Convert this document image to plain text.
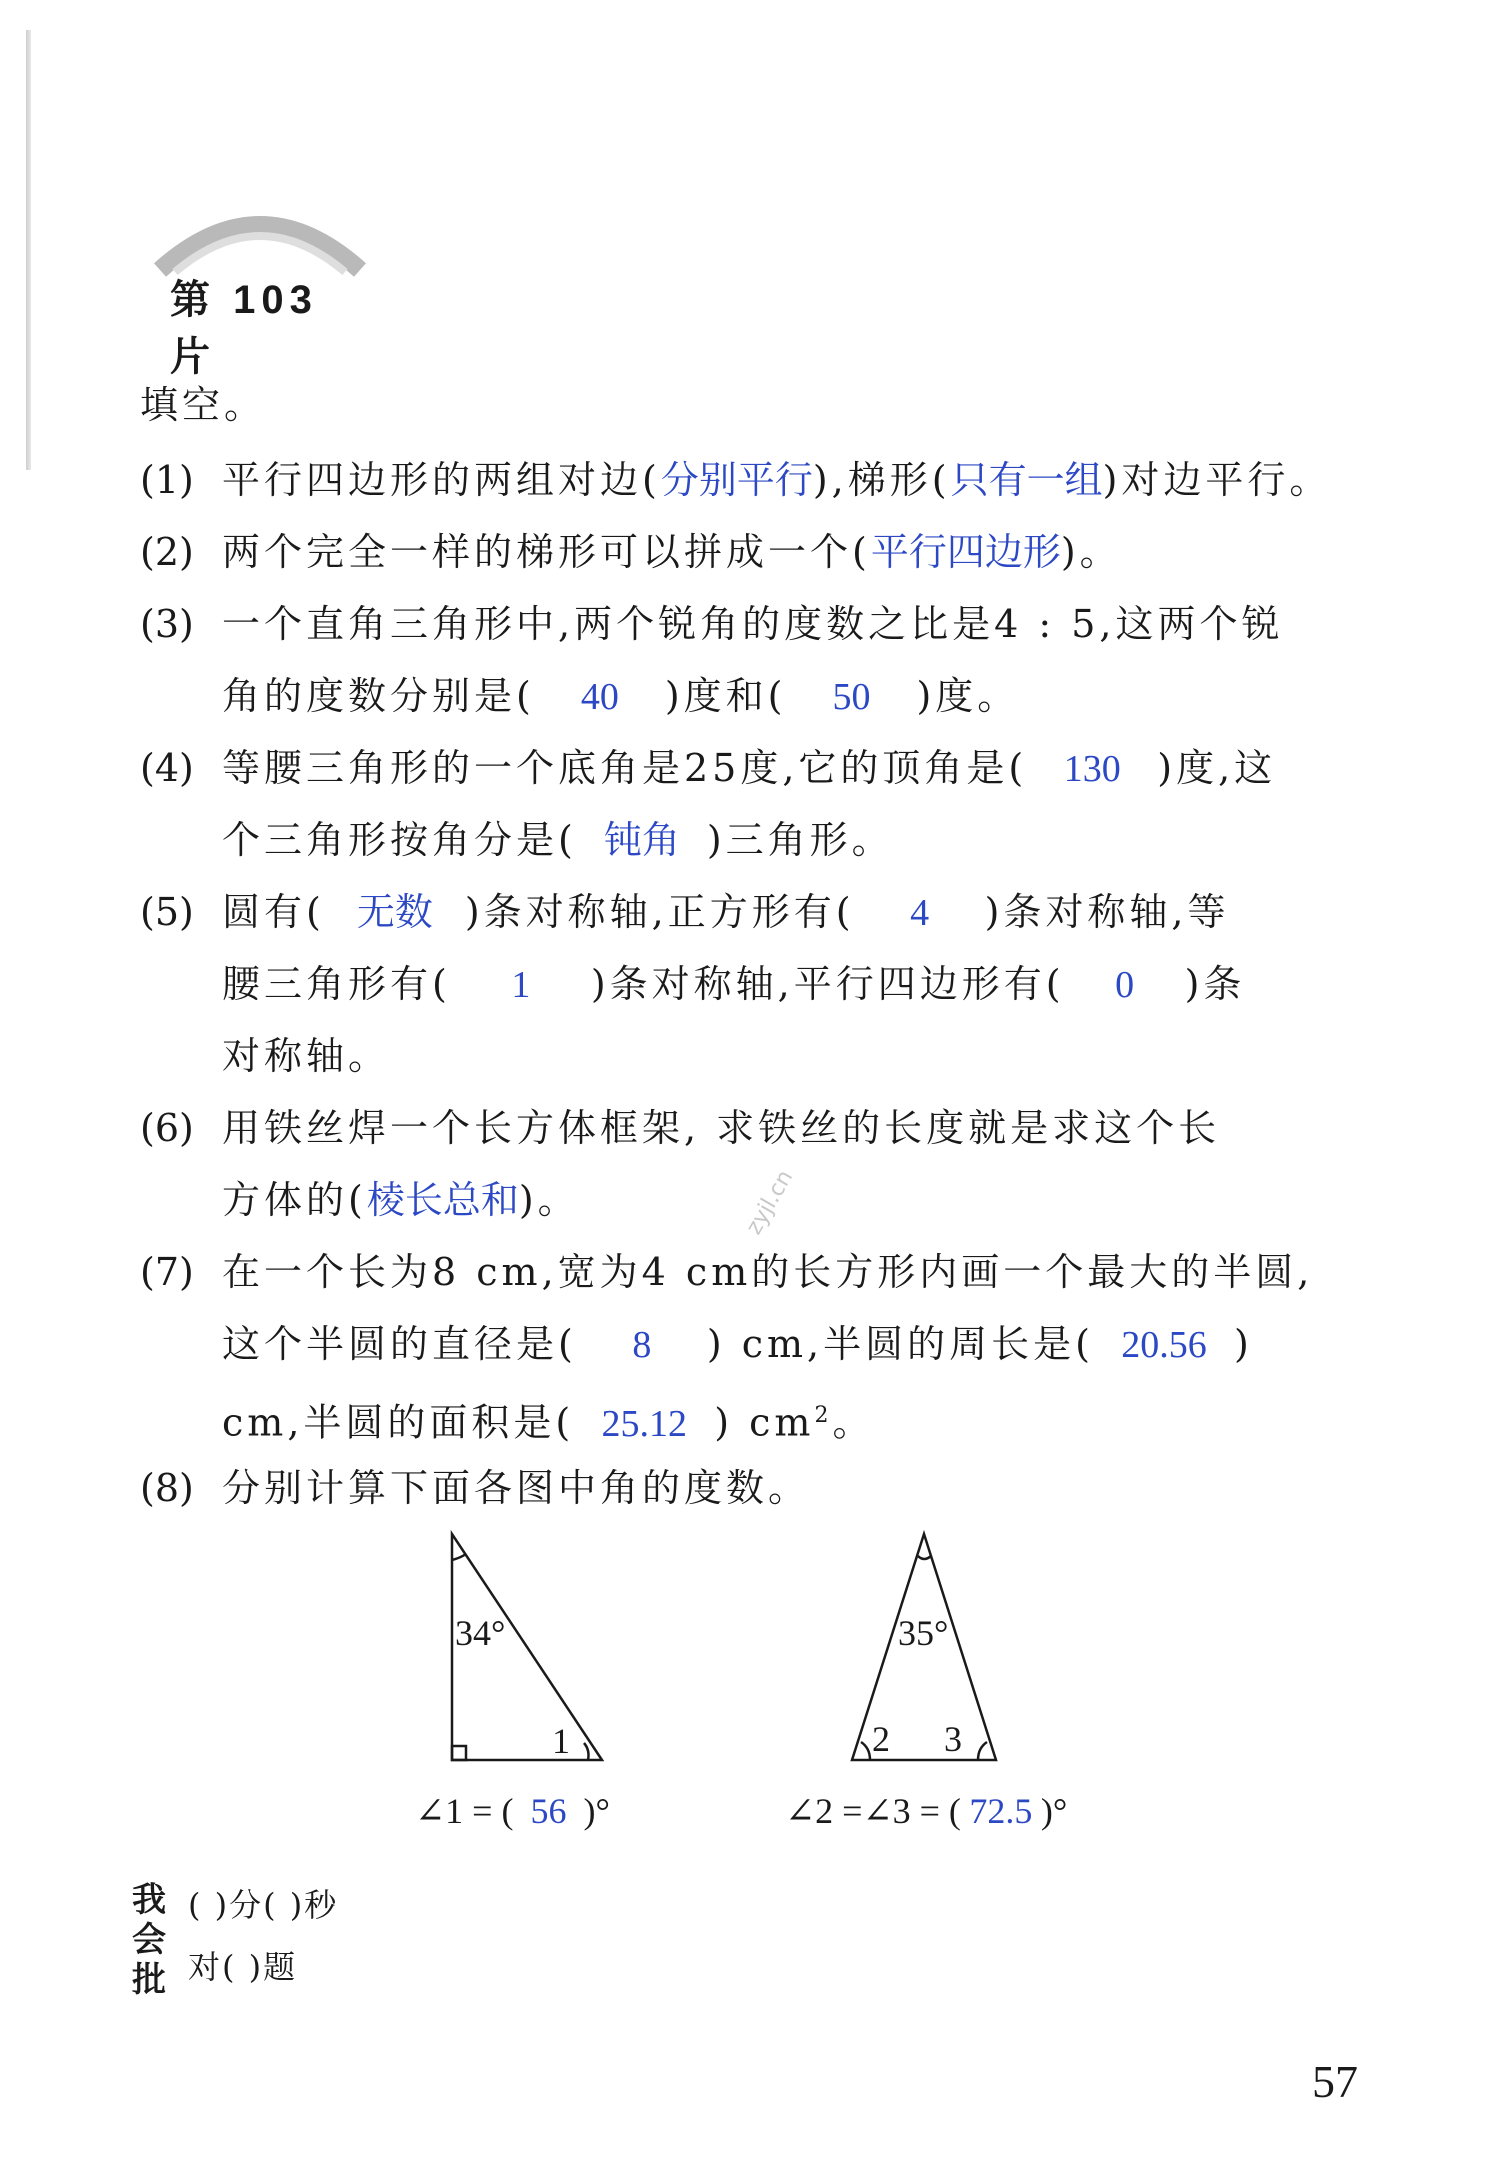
第 103 片
填空。
(1) 平行四边形的两组对边(分别平行),梯形(只有一组)对边平行。
(2) 两个完全一样的梯形可以拼成一个(平行四边形)。
(3) 一个直角三角形中,两个锐角的度数之比是4 : 5,这两个锐
角的度数分别是( 40 )度和( 50 )度。
(4) 等腰三角形的一个底角是25度,它的顶角是( 130 )度,这
个三角形按角分是( 钝角 )三角形。
(5) 圆有( 无数 )条对称轴,正方形有( 4 )条对称轴,等
腰三角形有( 1 )条对称轴,平行四边形有( 0 )条
对称轴。
(6) 用铁丝焊一个长方体框架, 求铁丝的长度就是求这个长
方体的(棱长总和)。	zyjl.cn
(7) 在一个长为8 cm,宽为4 cm的长方形内画一个最大的半圆,
这个半圆的直径是( 8 ) cm,半圆的周长是( 20.56 )
cm,半圆的面积是( 25.12 ) $cm^2$。
(8) 分别计算下面各图中角的度数。
34°
1
35°
2 3
∠1 = ( 56 )°	∠2 =∠3 = ( 72.5 )°
我
会
批
( )分( )秒
对( )题
57
